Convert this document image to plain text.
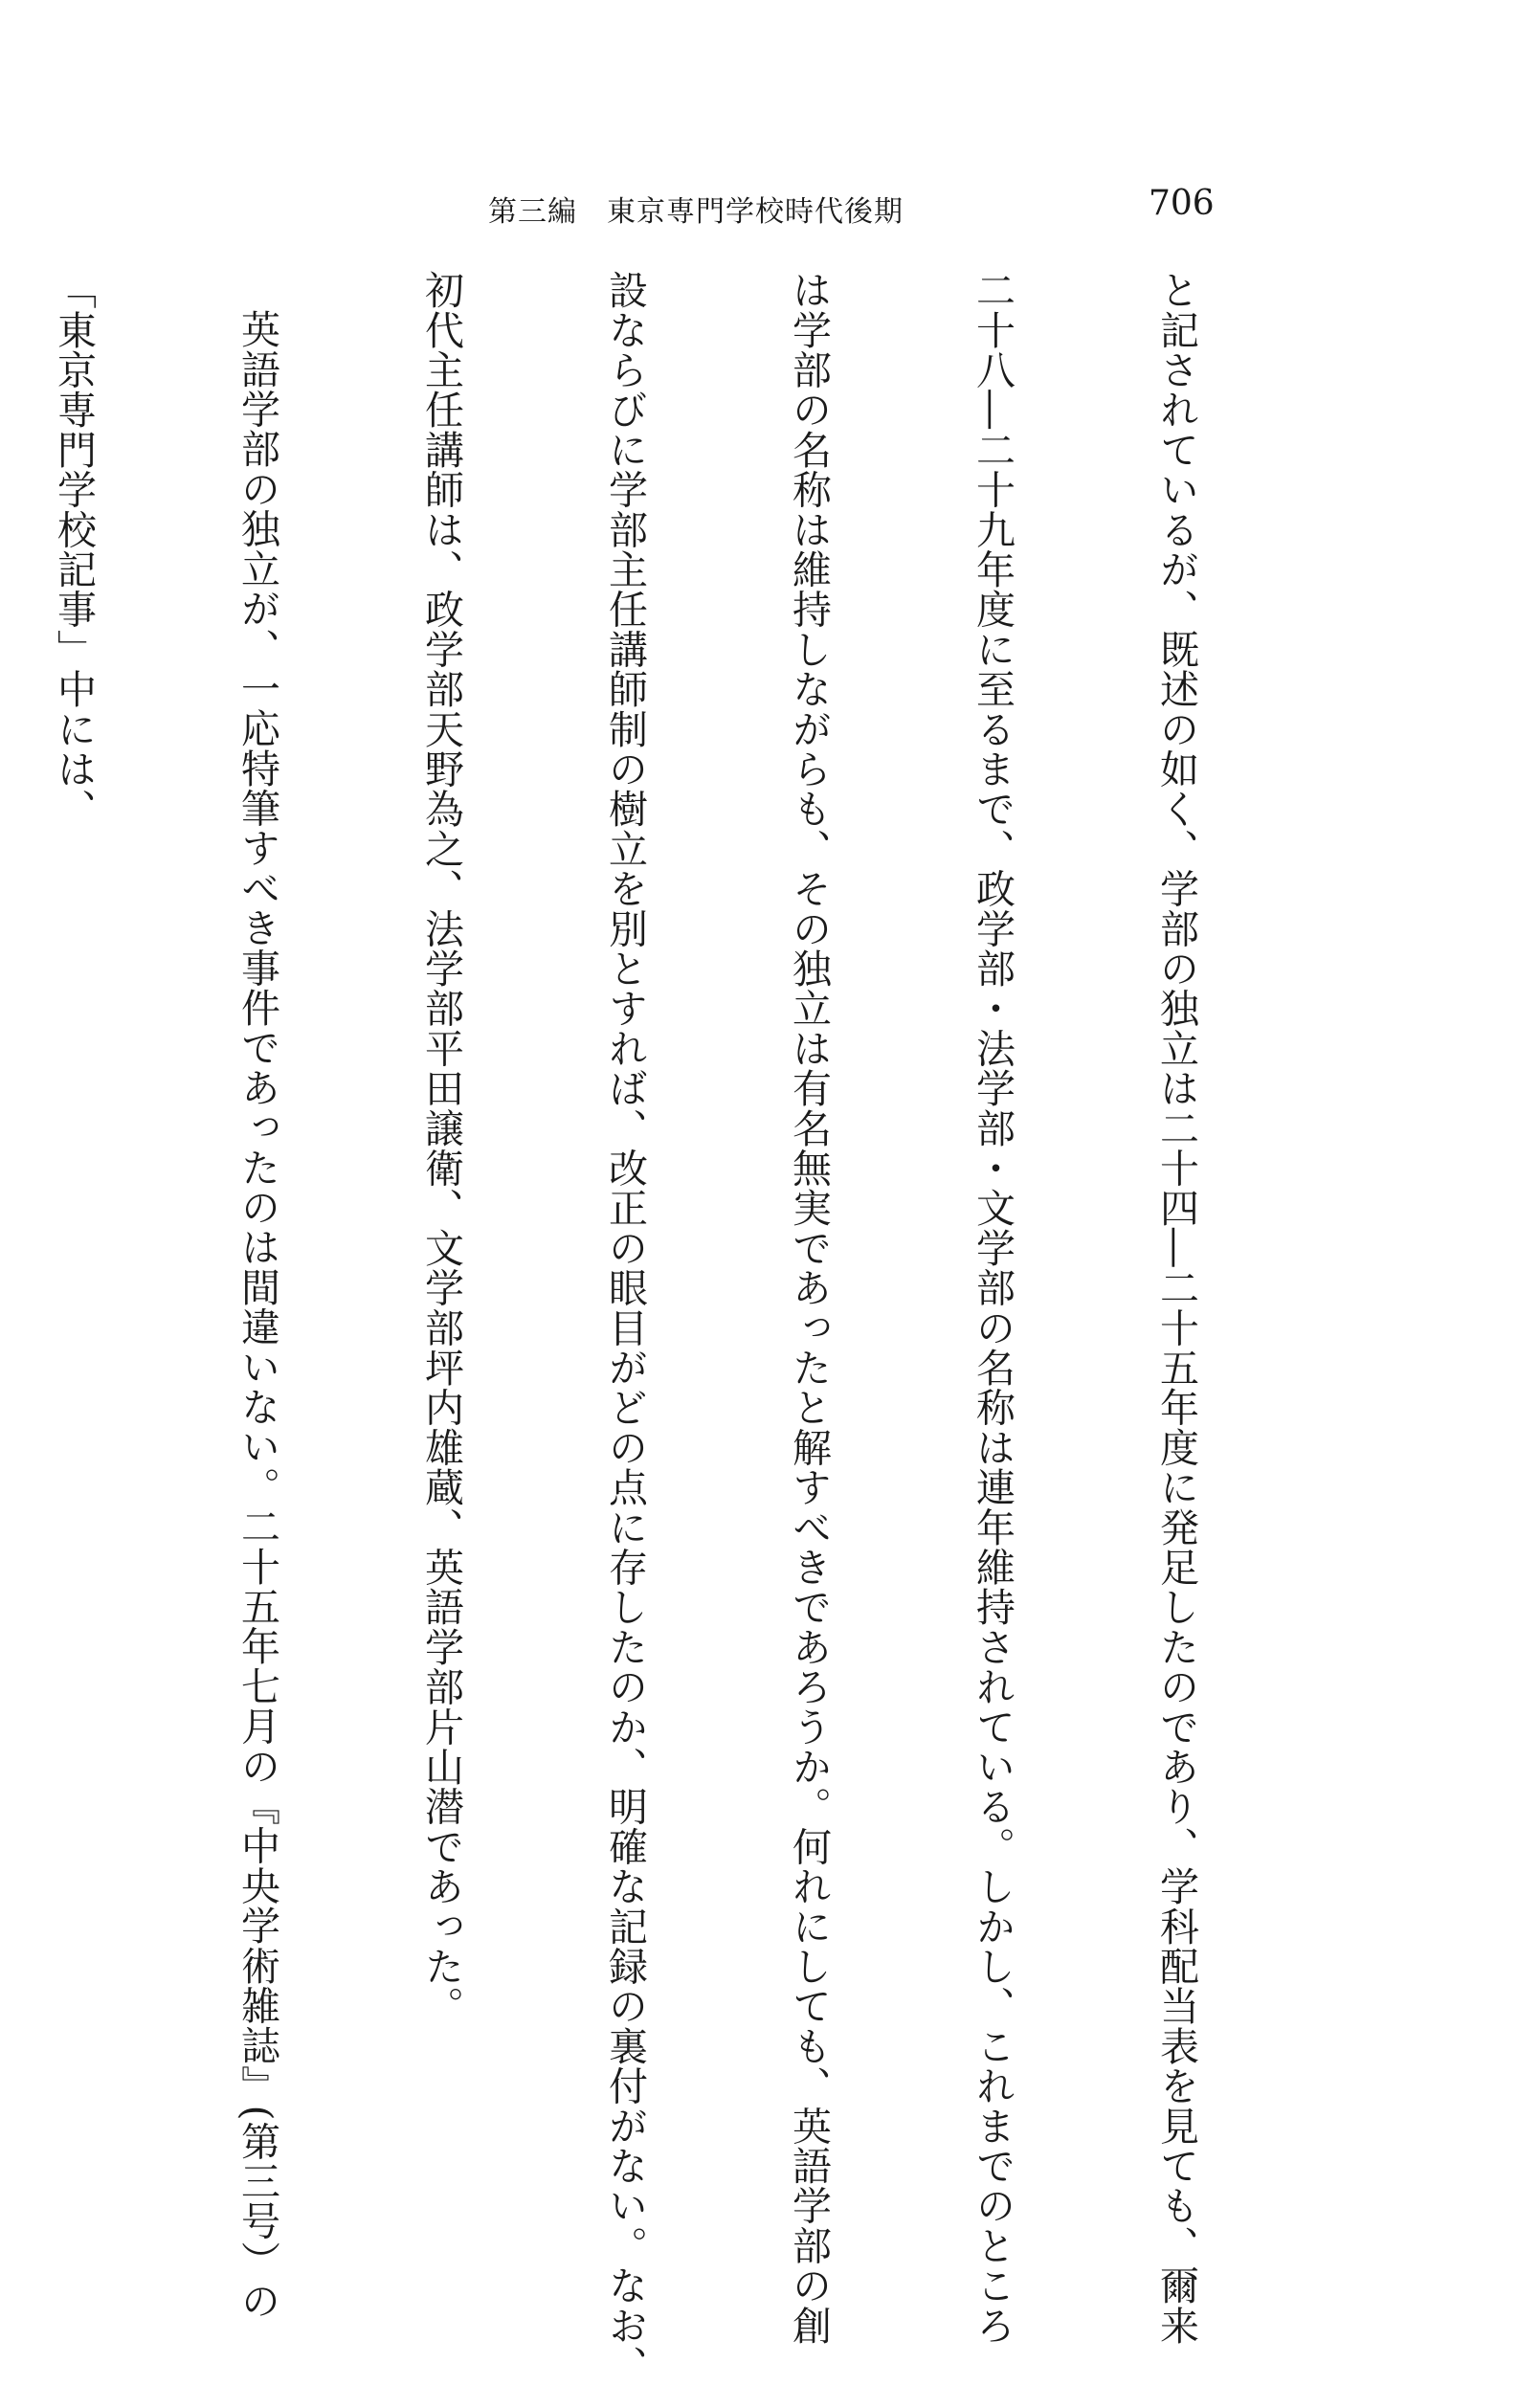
第三編　東京専門学校時代後期	706

と記されているが、既述の如く、学部の独立は二十四―二十五年度に発足したのであり、学科配当表を見ても、爾来

二十八―二十九年度に至るまで、政学部・法学部・文学部の名称は連年維持されている。しかし、これまでのところ

は学部の名称は維持しながらも、その独立は有名無実であったと解すべきであろうか。何れにしても、英語学部の創

設ならびに学部主任講師制の樹立を別とすれば、改正の眼目がどの点に存したのか、明確な記録の裏付がない。なお、

初代主任講師は、政学部天野為之、法学部平田譲衛、文学部坪内雄蔵、英語学部片山潜であった。

英語学部の独立が、一応特筆すべき事件であったのは間違いない。二十五年七月の『中央学術雑誌』(第三号）の

「東京専門学校記事」中には、
